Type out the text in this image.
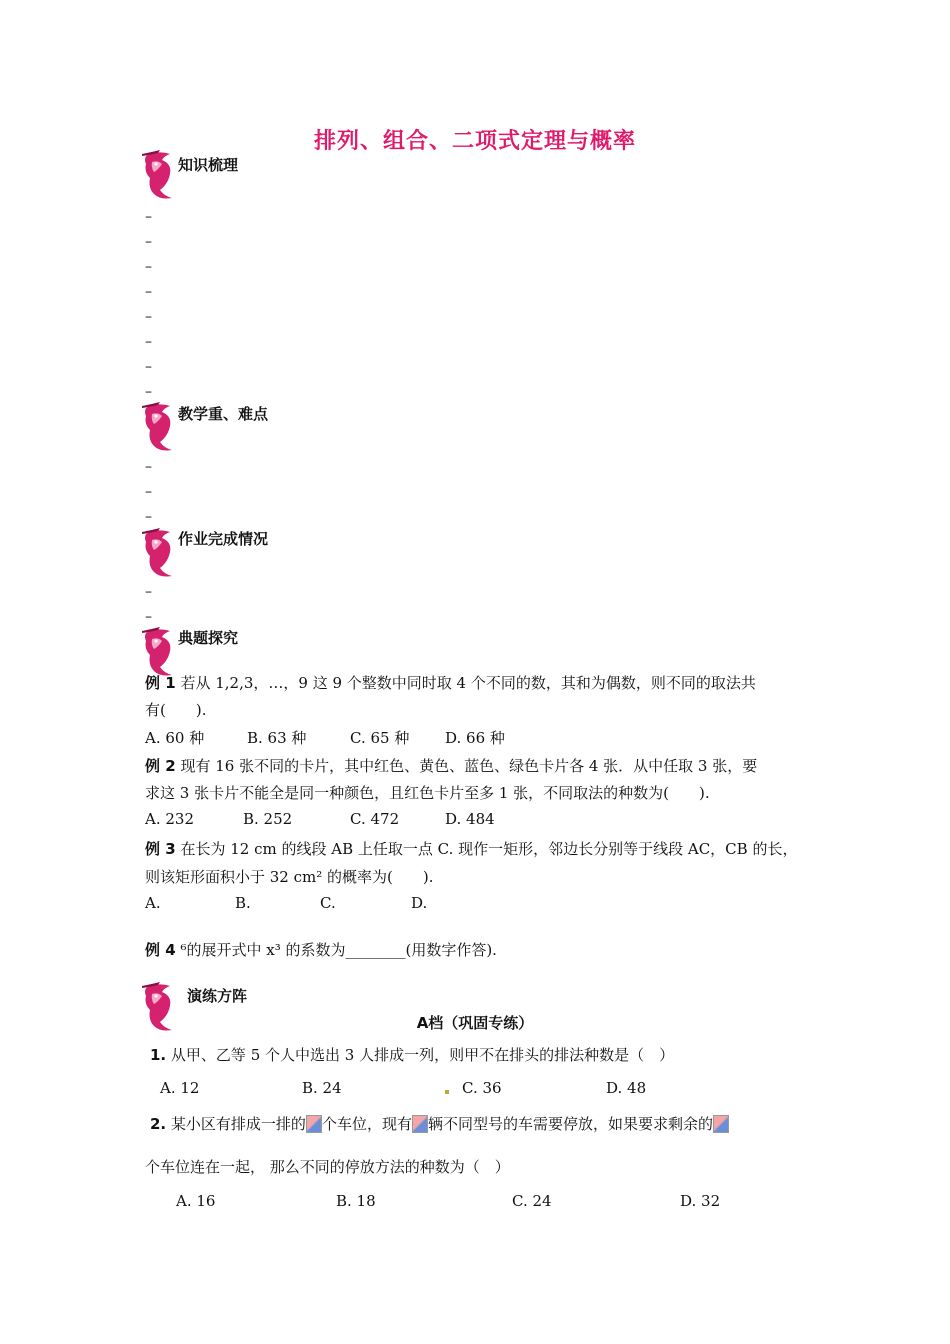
排列、组合、二项式定理与概率
知识梳理
–
–
–
–
–
–
–
–
教学重、难点
–
–
–
作业完成情况
–
–
典题探究
例 1 若从 1,2,3，…，9 这 9 个整数中同时取 4 个不同的数，其和为偶数，则不同的取法共
有(　　).
A. 60 种	B. 63 种	C. 65 种 D. 66 种
例 2 现有 16 张不同的卡片，其中红色、黄色、蓝色、绿色卡片各 4 张．从中任取 3 张，要
求这 3 张卡片不能全是同一种颜色，且红色卡片至多 1 张，不同取法的种数为(　　).
A. 232	B. 252	C. 472	D. 484
例 3 在长为 12 cm 的线段 AB 上任取一点 C. 现作一矩形，邻边长分别等于线段 AC，CB 的长，
则该矩形面积小于 32 cm² 的概率为(　　).
A.	B.	C.	D.
例 4 ⁶的展开式中 x³ 的系数为________(用数字作答).
演练方阵
A档（巩固专练）
1. 从甲、乙等 5 个人中选出 3 人排成一列，则甲不在排头的排法种数是（　）
A. 12	B. 24	C. 36	D. 48
2. 某小区有排成一排的 个车位，现有 辆不同型号的车需要停放，如果要求剩余的
个车位连在一起， 那么不同的停放方法的种数为（　）
A. 16	B. 18	C. 24	D. 32
